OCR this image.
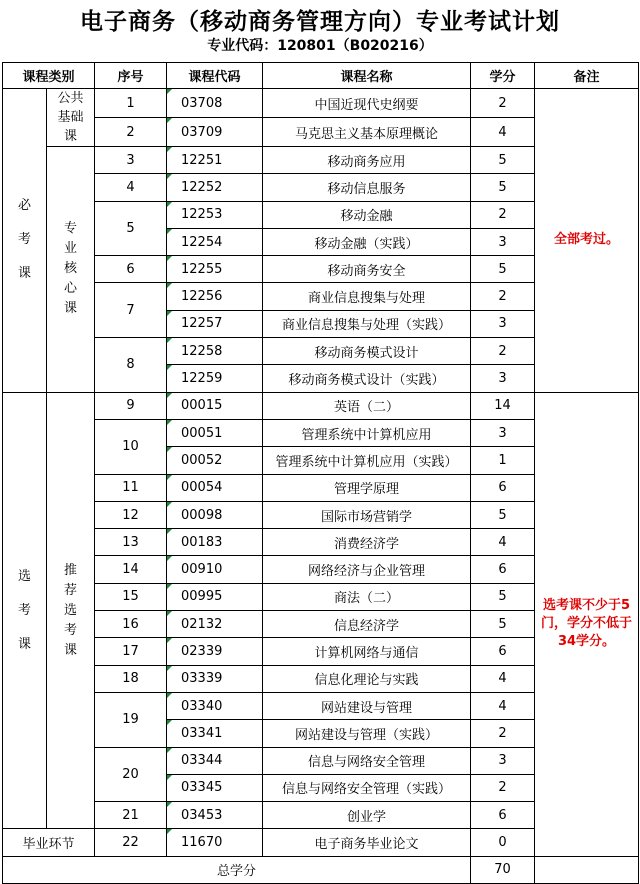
电子商务（移动商务管理方向）专业考试计划
专业代码：120801（B020216）
课程类别		序号	课程代码	课程名称	学分	备注
必考课	公共基础课	1	03708	中国近现代史纲要	2	全部考过。
		2	03709	马克思主义基本原理概论	4	
	专业核心课	3	12251	移动商务应用	5	
		4	12252	移动信息服务	5	
		5	12253	移动金融	2	
			12254	移动金融（实践）	3	
		6	12255	移动商务安全	5	
		7	12256	商业信息搜集与处理	2	
			12257	商业信息搜集与处理（实践）	3	
		8	12258	移动商务模式设计	2	
			12259	移动商务模式设计（实践）	3	
选考课	推荐选考课	9	00015	英语（二）	14	选考课不少于5门，学分不低于34学分。
		10	00051	管理系统中计算机应用	3	
			00052	管理系统中计算机应用（实践）	1	
		11	00054	管理学原理	6	
		12	00098	国际市场营销学	5	
		13	00183	消费经济学	4	
		14	00910	网络经济与企业管理	6	
		15	00995	商法（二）	5	
		16	02132	信息经济学	5	
		17	02339	计算机网络与通信	6	
		18	03339	信息化理论与实践	4	
		19	03340	网站建设与管理	4	
			03341	网站建设与管理（实践）	2	
		20	03344	信息与网络安全管理	3	
			03345	信息与网络安全管理（实践）	2	
		21	03453	创业学	6	
毕业环节		22	11670	电子商务毕业论文	0	
总学分					70	
